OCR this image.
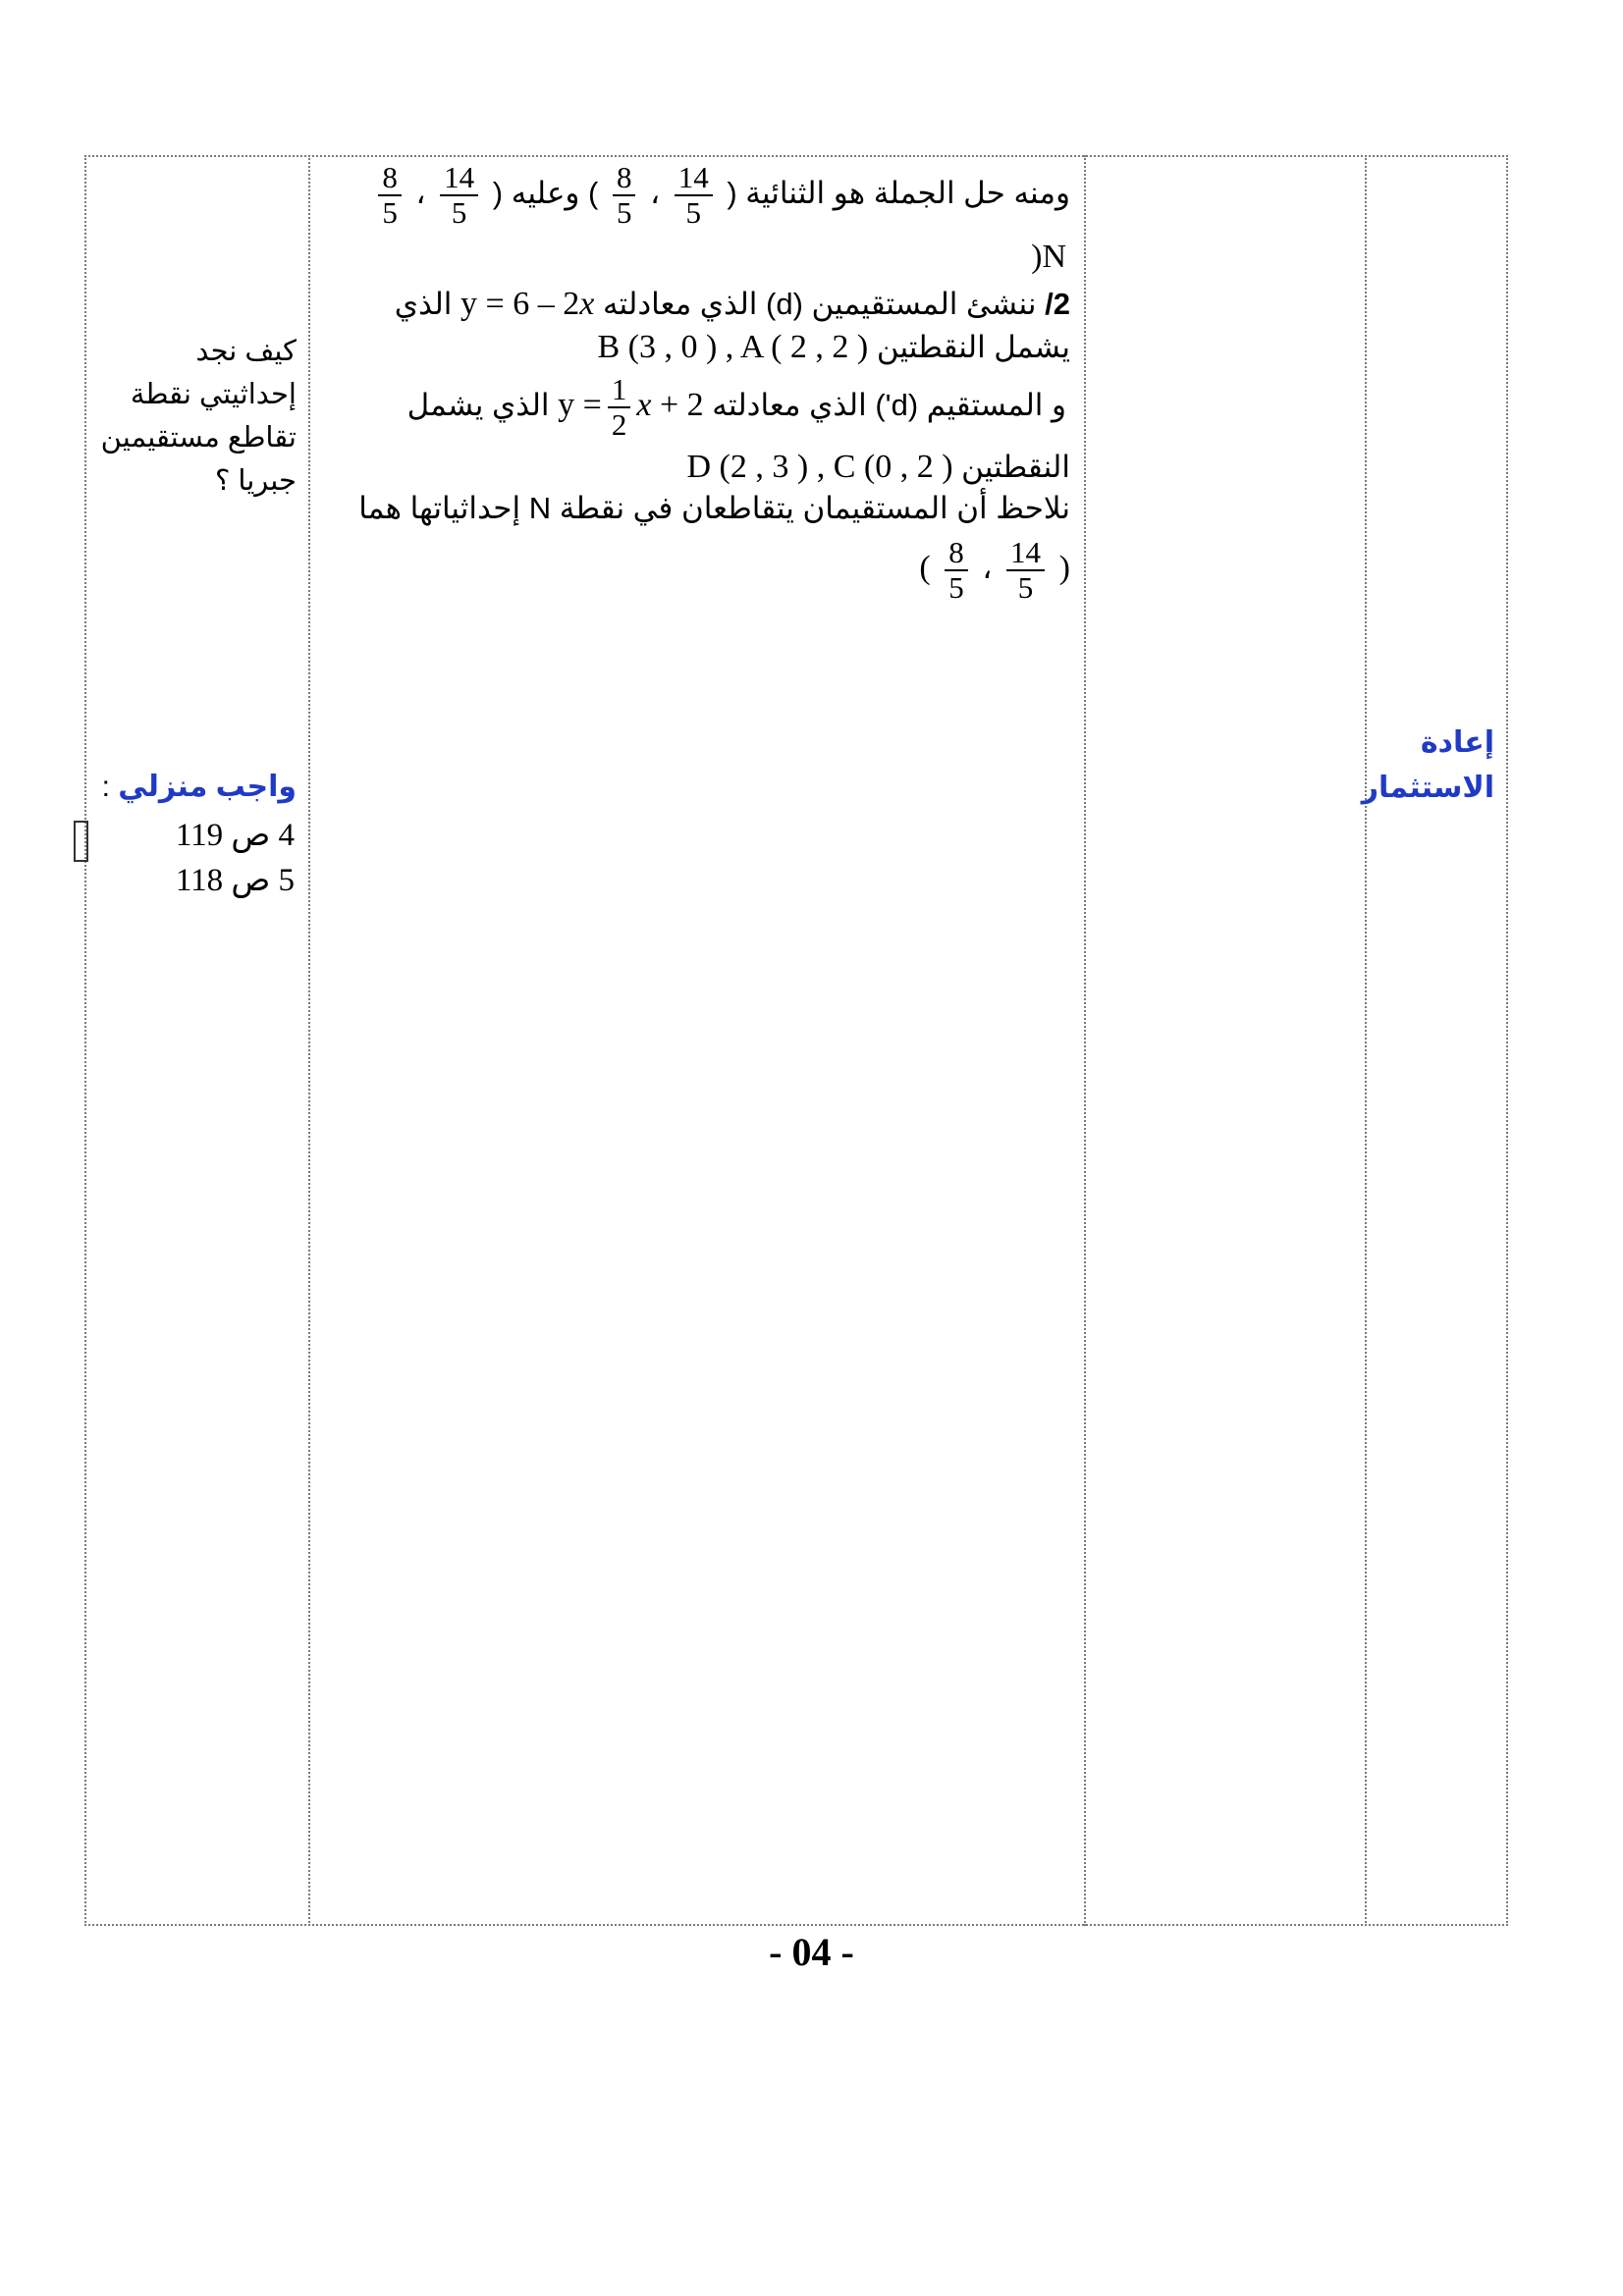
إعادة
الاستثمار
ومنه حل الجملة هو الثنائية (
$\frac{14}{5}$
،
$\frac{8}{5}$
) وعليه (
$\frac{14}{5}$
،
$\frac{8}{5}$
N(
2/ ننشئ المستقيمين (d) الذي معادلته y = 6 – 2x الذي
يشمل النقطتين B (3 , 0 ) , A ( 2 , 2 )
و المستقيم (d') الذي معادلته $y = \frac{1}{2}$ x + 2 الذي يشمل
النقطتين D (2 , 3 ) , C (0 , 2 )
نلاحظ أن المستقيمان يتقاطعان في نقطة N إحداثياتها هما
(
$\frac{14}{5}$
،
$\frac{8}{5}$
)
كيف نجد إحداثيتي نقطة تقاطع مستقيمين جبريا ؟
واجب منزلي :
4 ص 119
5 ص 118
- 04 -
